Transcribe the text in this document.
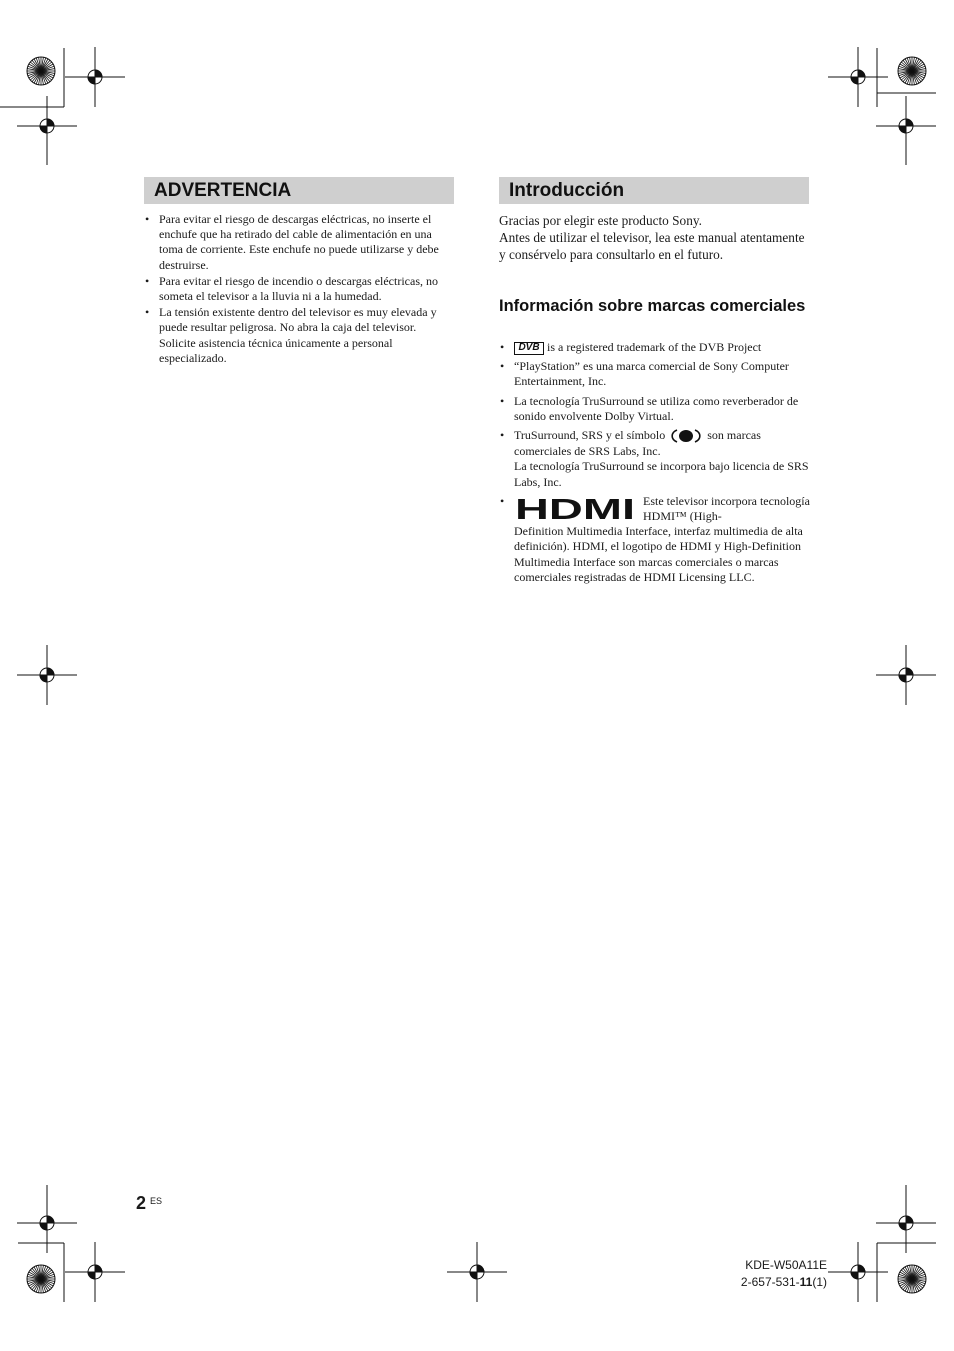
ADVERTENCIA
• Para evitar el riesgo de descargas eléctricas, no inserte el enchufe que ha retirado del cable de alimentación en una toma de corriente. Este enchufe no puede utilizarse y debe destruirse.
• Para evitar el riesgo de incendio o descargas eléctricas, no someta el televisor a la lluvia ni a la humedad.
• La tensión existente dentro del televisor es muy elevada y puede resultar peligrosa. No abra la caja del televisor. Solicite asistencia técnica únicamente a personal especializado.
Introducción

Gracias por elegir este producto Sony.
Antes de utilizar el televisor, lea este manual atentamente y consérvelo para consultarlo en el futuro.

Información sobre marcas comerciales
• DVB is a registered trademark of the DVB Project
• “PlayStation” es una marca comercial de Sony Computer Entertainment, Inc.
• La tecnología TruSurround se utiliza como reverberador de sonido envolvente Dolby Virtual.
• TruSurround, SRS y el símbolo	son marcas comerciales de SRS Labs, Inc.
La tecnología TruSurround se incorpora bajo licencia de SRS Labs, Inc.
• HDMI Este televisor incorpora tecnología HDMI™ (High-
Definition Multimedia Interface, interfaz multimedia de alta definición). HDMI, el logotipo de HDMI y High-Definition Multimedia Interface son marcas comerciales o marcas comerciales registradas de HDMI Licensing LLC.
2 ES
KDE-W50A11E
2-657-531-11(1)
